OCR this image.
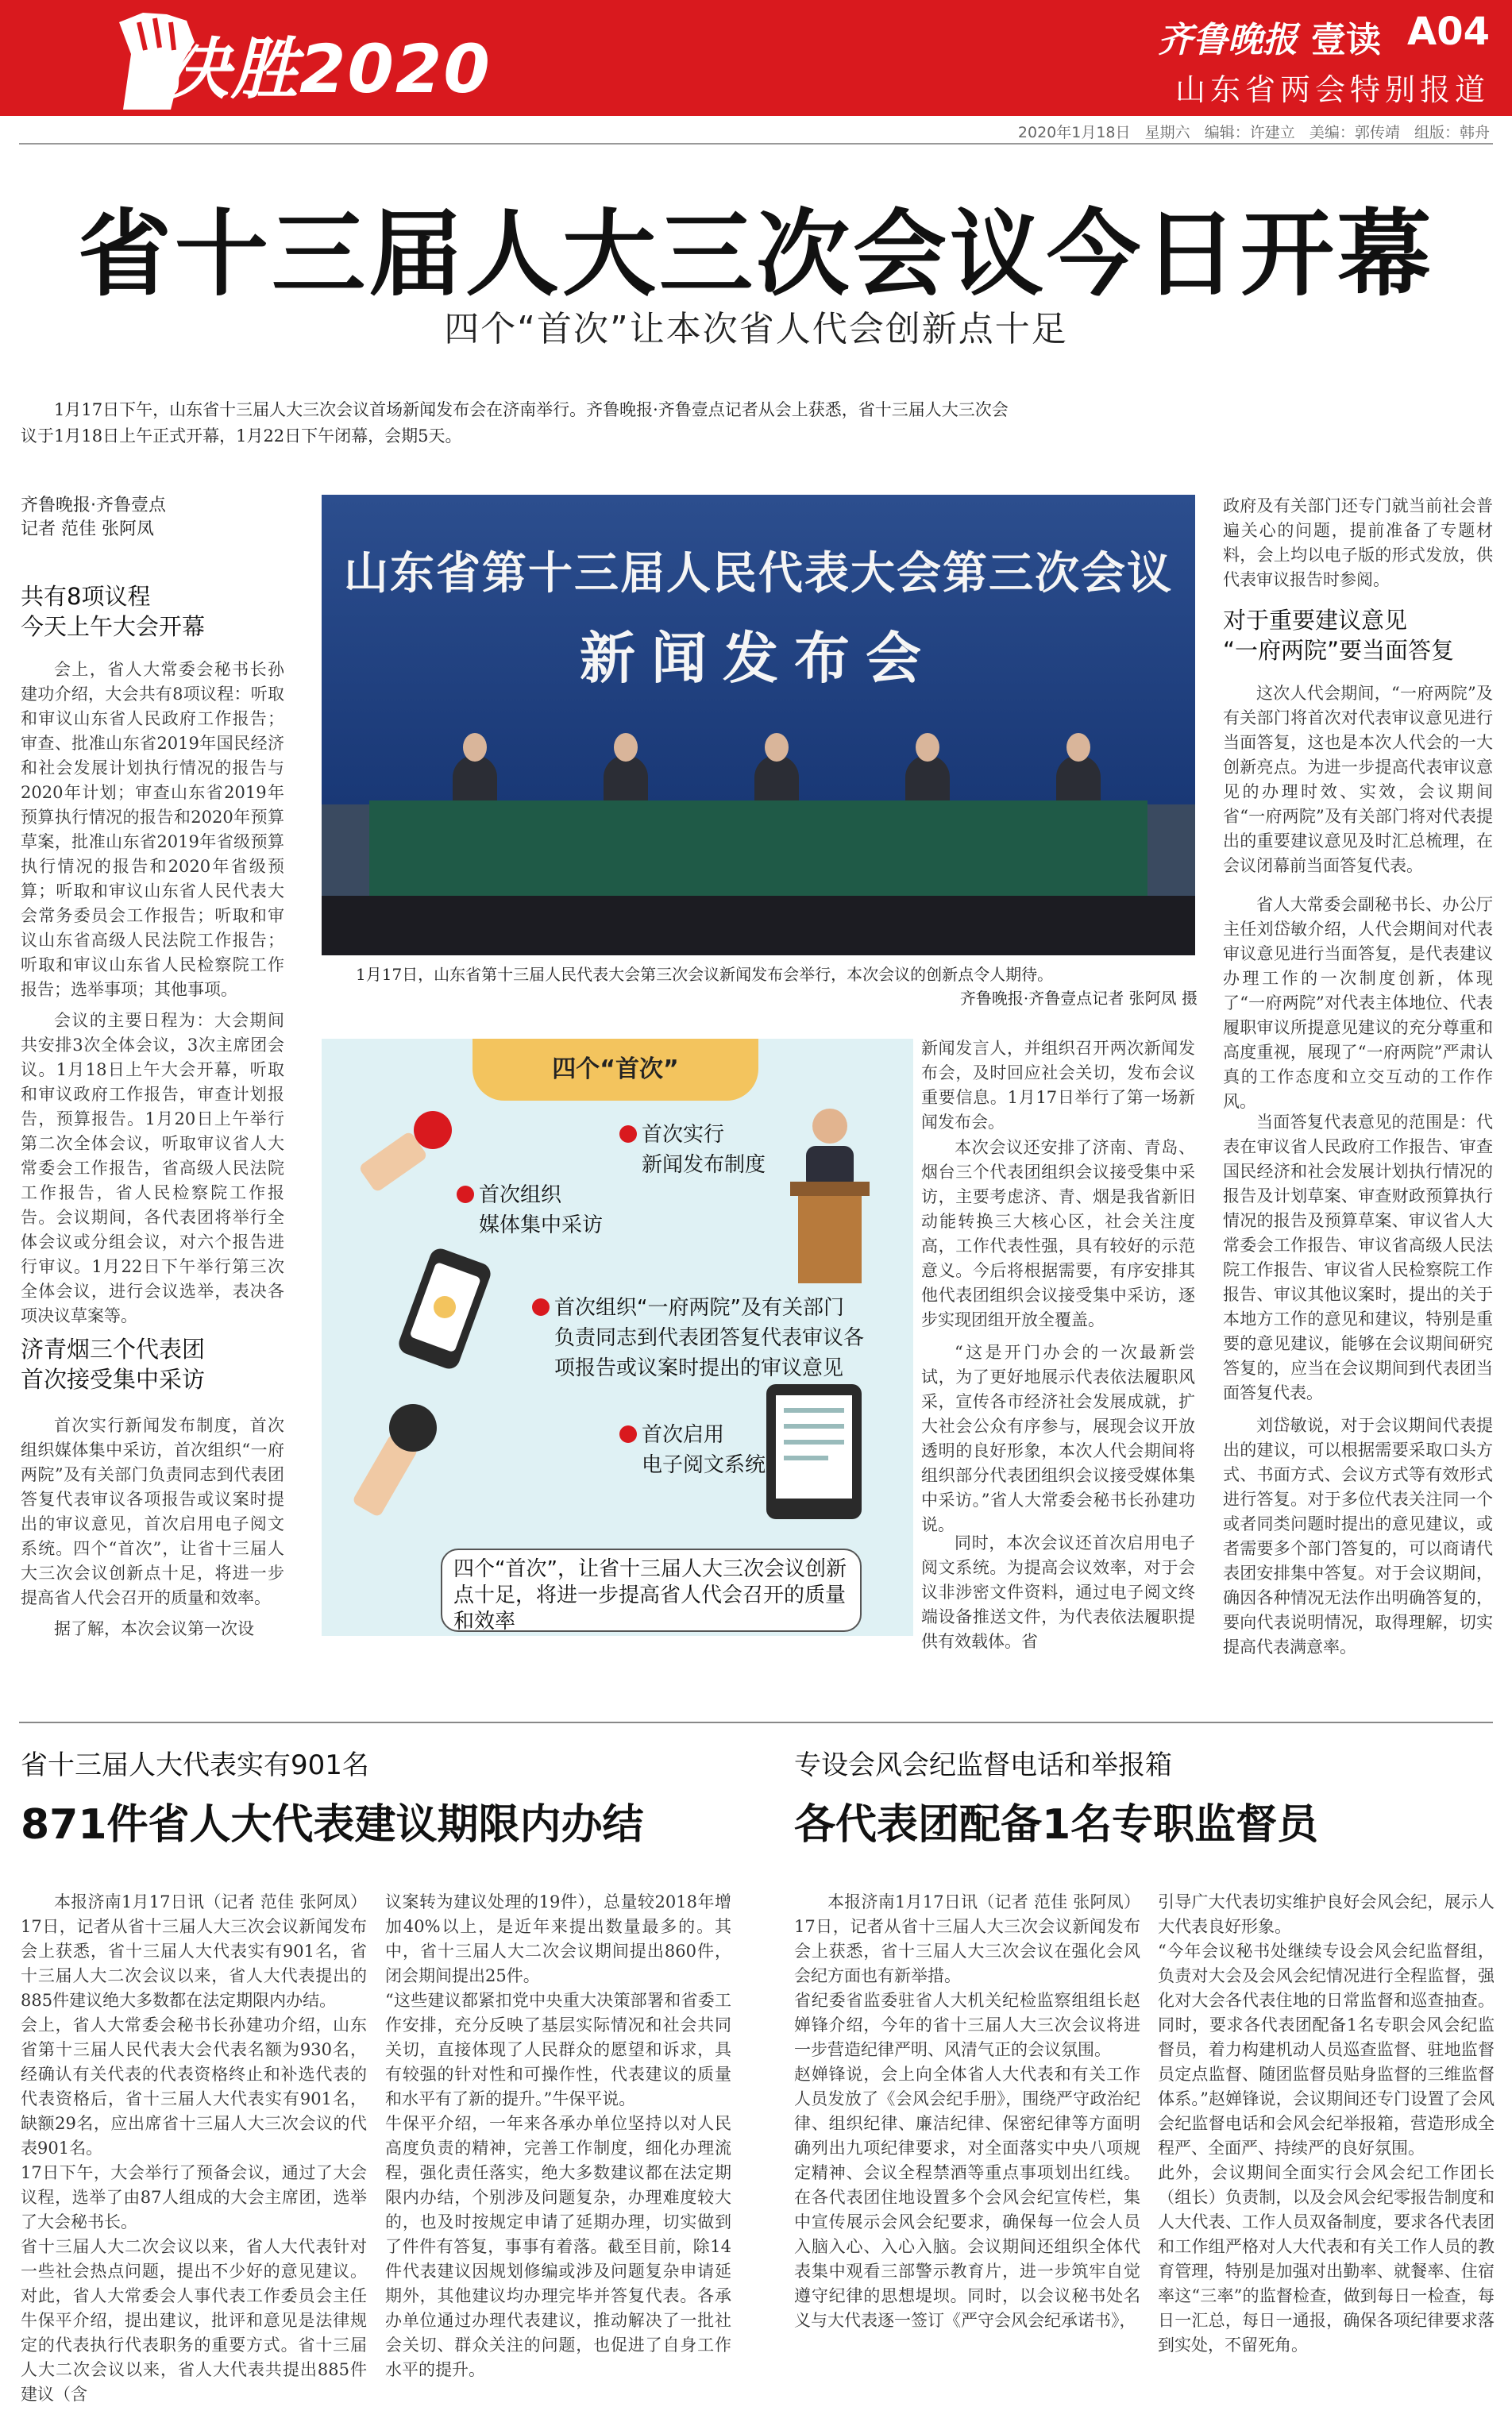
决胜2020	齐鲁晚报 壹读 A04
山东省两会特别报道
2020年1月18日   星期六   编辑：许建立   美编：郭传靖   组版：韩舟
省十三届人大三次会议今日开幕
四个“首次”让本次省人代会创新点十足

1月17日下午，山东省十三届人大三次会议首场新闻发布会在济南举行。齐鲁晚报·齐鲁壹点记者从会上获悉，省十三届人大三次会议于1月18日上午正式开幕，1月22日下午闭幕，会期5天。

齐鲁晚报·齐鲁壹点
记者 范佳 张阿凤
共有8项议程
今天上午大会开幕

会上，省人大常委会秘书长孙建功介绍，大会共有8项议程：听取和审议山东省人民政府工作报告；审查、批准山东省2019年国民经济和社会发展计划执行情况的报告与2020年计划；审查山东省2019年预算执行情况的报告和2020年预算草案，批准山东省2019年省级预算执行情况的报告和2020年省级预算；听取和审议山东省人民代表大会常务委员会工作报告；听取和审议山东省高级人民法院工作报告；听取和审议山东省人民检察院工作报告；选举事项；其他事项。

会议的主要日程为：大会期间共安排3次全体会议，3次主席团会议。1月18日上午大会开幕，听取和审议政府工作报告，审查计划报告，预算报告。1月20日上午举行第二次全体会议，听取审议省人大常委会工作报告，省高级人民法院工作报告，省人民检察院工作报告。会议期间，各代表团将举行全体会议或分组会议，对六个报告进行审议。1月22日下午举行第三次全体会议，进行会议选举，表决各项决议草案等。

济青烟三个代表团
首次接受集中采访

首次实行新闻发布制度，首次组织媒体集中采访，首次组织“一府两院”及有关部门负责同志到代表团答复代表审议各项报告或议案时提出的审议意见，首次启用电子阅文系统。四个“首次”，让省十三届人大三次会议创新点十足，将进一步提高省人代会召开的质量和效率。

据了解，本次会议第一次设

山东省第十三届人民代表大会第三次会议
新闻发布会
1月17日，山东省第十三届人民代表大会第三次会议新闻发布会举行，本次会议的创新点令人期待。
齐鲁晚报·齐鲁壹点记者 张阿凤 摄
四个“首次”
首次实行
新闻发布制度
首次组织
媒体集中采访
首次组织“一府两院”及有关部门
负责同志到代表团答复代表审议各
项报告或议案时提出的审议意见
首次启用
电子阅文系统
四个“首次”，让省十三届人大三次会议创新点十足，将进一步提高省人代会召开的质量和效率

新闻发言人，并组织召开两次新闻发布会，及时回应社会关切，发布会议重要信息。1月17日举行了第一场新闻发布会。

本次会议还安排了济南、青岛、烟台三个代表团组织会议接受集中采访，主要考虑济、青、烟是我省新旧动能转换三大核心区，社会关注度高，工作代表性强，具有较好的示范意义。今后将根据需要，有序安排其他代表团组织会议接受集中采访，逐步实现团组开放全覆盖。

“这是开门办会的一次最新尝试，为了更好地展示代表依法履职风采，宣传各市经济社会发展成就，扩大社会公众有序参与，展现会议开放透明的良好形象，本次人代会期间将组织部分代表团组织会议接受媒体集中采访。”省人大常委会秘书长孙建功说。

同时，本次会议还首次启用电子阅文系统。为提高会议效率，对于会议非涉密文件资料，通过电子阅文终端设备推送文件，为代表依法履职提供有效载体。省

政府及有关部门还专门就当前社会普遍关心的问题，提前准备了专题材料，会上均以电子版的形式发放，供代表审议报告时参阅。

对于重要建议意见
“一府两院”要当面答复

这次人代会期间，“一府两院”及有关部门将首次对代表审议意见进行当面答复，这也是本次人代会的一大创新亮点。为进一步提高代表审议意见的办理时效、实效，会议期间省“一府两院”及有关部门将对代表提出的重要建议意见及时汇总梳理，在会议闭幕前当面答复代表。

省人大常委会副秘书长、办公厅主任刘岱敏介绍，人代会期间对代表审议意见进行当面答复，是代表建议办理工作的一次制度创新，体现了“一府两院”对代表主体地位、代表履职审议所提意见建议的充分尊重和高度重视，展现了“一府两院”严肃认真的工作态度和立交互动的工作作风。

当面答复代表意见的范围是：代表在审议省人民政府工作报告、审查国民经济和社会发展计划执行情况的报告及计划草案、审查财政预算执行情况的报告及预算草案、审议省人大常委会工作报告、审议省高级人民法院工作报告、审议省人民检察院工作报告、审议其他议案时，提出的关于本地方工作的意见和建议，特别是重要的意见建议，能够在会议期间研究答复的，应当在会议期间到代表团当面答复代表。

刘岱敏说，对于会议期间代表提出的建议，可以根据需要采取口头方式、书面方式、会议方式等有效形式进行答复。对于多位代表关注同一个或者同类问题时提出的意见建议，或者需要多个部门答复的，可以商请代表团安排集中答复。对于会议期间，确因各种情况无法作出明确答复的，要向代表说明情况，取得理解，切实提高代表满意率。

省十三届人大代表实有901名
871件省人大代表建议期限内办结

本报济南1月17日讯（记者 范佳 张阿凤） 17日，记者从省十三届人大三次会议新闻发布会上获悉，省十三届人大代表实有901名，省十三届人大二次会议以来，省人大代表提出的885件建议绝大多数都在法定期限内办结。
会上，省人大常委会秘书长孙建功介绍，山东省第十三届人民代表大会代表名额为930名，经确认有关代表的代表资格终止和补选代表的代表资格后，省十三届人大代表实有901名，缺额29名，应出席省十三届人大三次会议的代表901名。
17日下午，大会举行了预备会议，通过了大会议程，选举了由87人组成的大会主席团，选举了大会秘书长。
省十三届人大二次会议以来，省人大代表针对一些社会热点问题，提出不少好的意见建议。对此，省人大常委会人事代表工作委员会主任牛保平介绍，提出建议，批评和意见是法律规定的代表执行代表职务的重要方式。省十三届人大二次会议以来，省人大代表共提出885件建议（含

议案转为建议处理的19件），总量较2018年增加40%以上，是近年来提出数量最多的。其中，省十三届人大二次会议期间提出860件，闭会期间提出25件。
“这些建议都紧扣党中央重大决策部署和省委工作安排，充分反映了基层实际情况和社会共同关切，直接体现了人民群众的愿望和诉求，具有较强的针对性和可操作性，代表建议的质量和水平有了新的提升。”牛保平说。
牛保平介绍，一年来各承办单位坚持以对人民高度负责的精神，完善工作制度，细化办理流程，强化责任落实，绝大多数建议都在法定期限内办结，个别涉及问题复杂，办理难度较大的，也及时按规定申请了延期办理，切实做到了件件有答复，事事有着落。截至目前，除14件代表建议因规划修编或涉及问题复杂申请延期外，其他建议均办理完毕并答复代表。各承办单位通过办理代表建议，推动解决了一批社会关切、群众关注的问题，也促进了自身工作水平的提升。

专设会风会纪监督电话和举报箱
各代表团配备1名专职监督员

本报济南1月17日讯（记者 范佳 张阿凤） 17日，记者从省十三届人大三次会议新闻发布会上获悉，省十三届人大三次会议在强化会风会纪方面也有新举措。
省纪委省监委驻省人大机关纪检监察组组长赵婵锋介绍，今年的省十三届人大三次会议将进一步营造纪律严明、风清气正的会议氛围。
赵婵锋说，会上向全体省人大代表和有关工作人员发放了《会风会纪手册》，围绕严守政治纪律、组织纪律、廉洁纪律、保密纪律等方面明确列出九项纪律要求，对全面落实中央八项规定精神、会议全程禁酒等重点事项划出红线。在各代表团住地设置多个会风会纪宣传栏，集中宣传展示会风会纪要求，确保每一位会人员入脑入心、入心入脑。会议期间还组织全体代表集中观看三部警示教育片，进一步筑牢自觉遵守纪律的思想堤坝。同时，以会议秘书处名义与大代表逐一签订《严守会风会纪承诺书》，

引导广大代表切实维护良好会风会纪，展示人大代表良好形象。
“今年会议秘书处继续专设会风会纪监督组，负责对大会及会风会纪情况进行全程监督，强化对大会各代表住地的日常监督和巡查抽查。同时，要求各代表团配备1名专职会风会纪监督员，着力构建机动人员巡查监督、驻地监督员定点监督、随团监督员贴身监督的三维监督体系。”赵婵锋说，会议期间还专门设置了会风会纪监督电话和会风会纪举报箱，营造形成全程严、全面严、持续严的良好氛围。
此外，会议期间全面实行会风会纪工作团长（组长）负责制，以及会风会纪零报告制度和人大代表、工作人员双备制度，要求各代表团和工作组严格对人大代表和有关工作人员的教育管理，特别是加强对出勤率、就餐率、住宿率这“三率”的监督检查，做到每日一检查，每日一汇总，每日一通报，确保各项纪律要求落到实处，不留死角。
